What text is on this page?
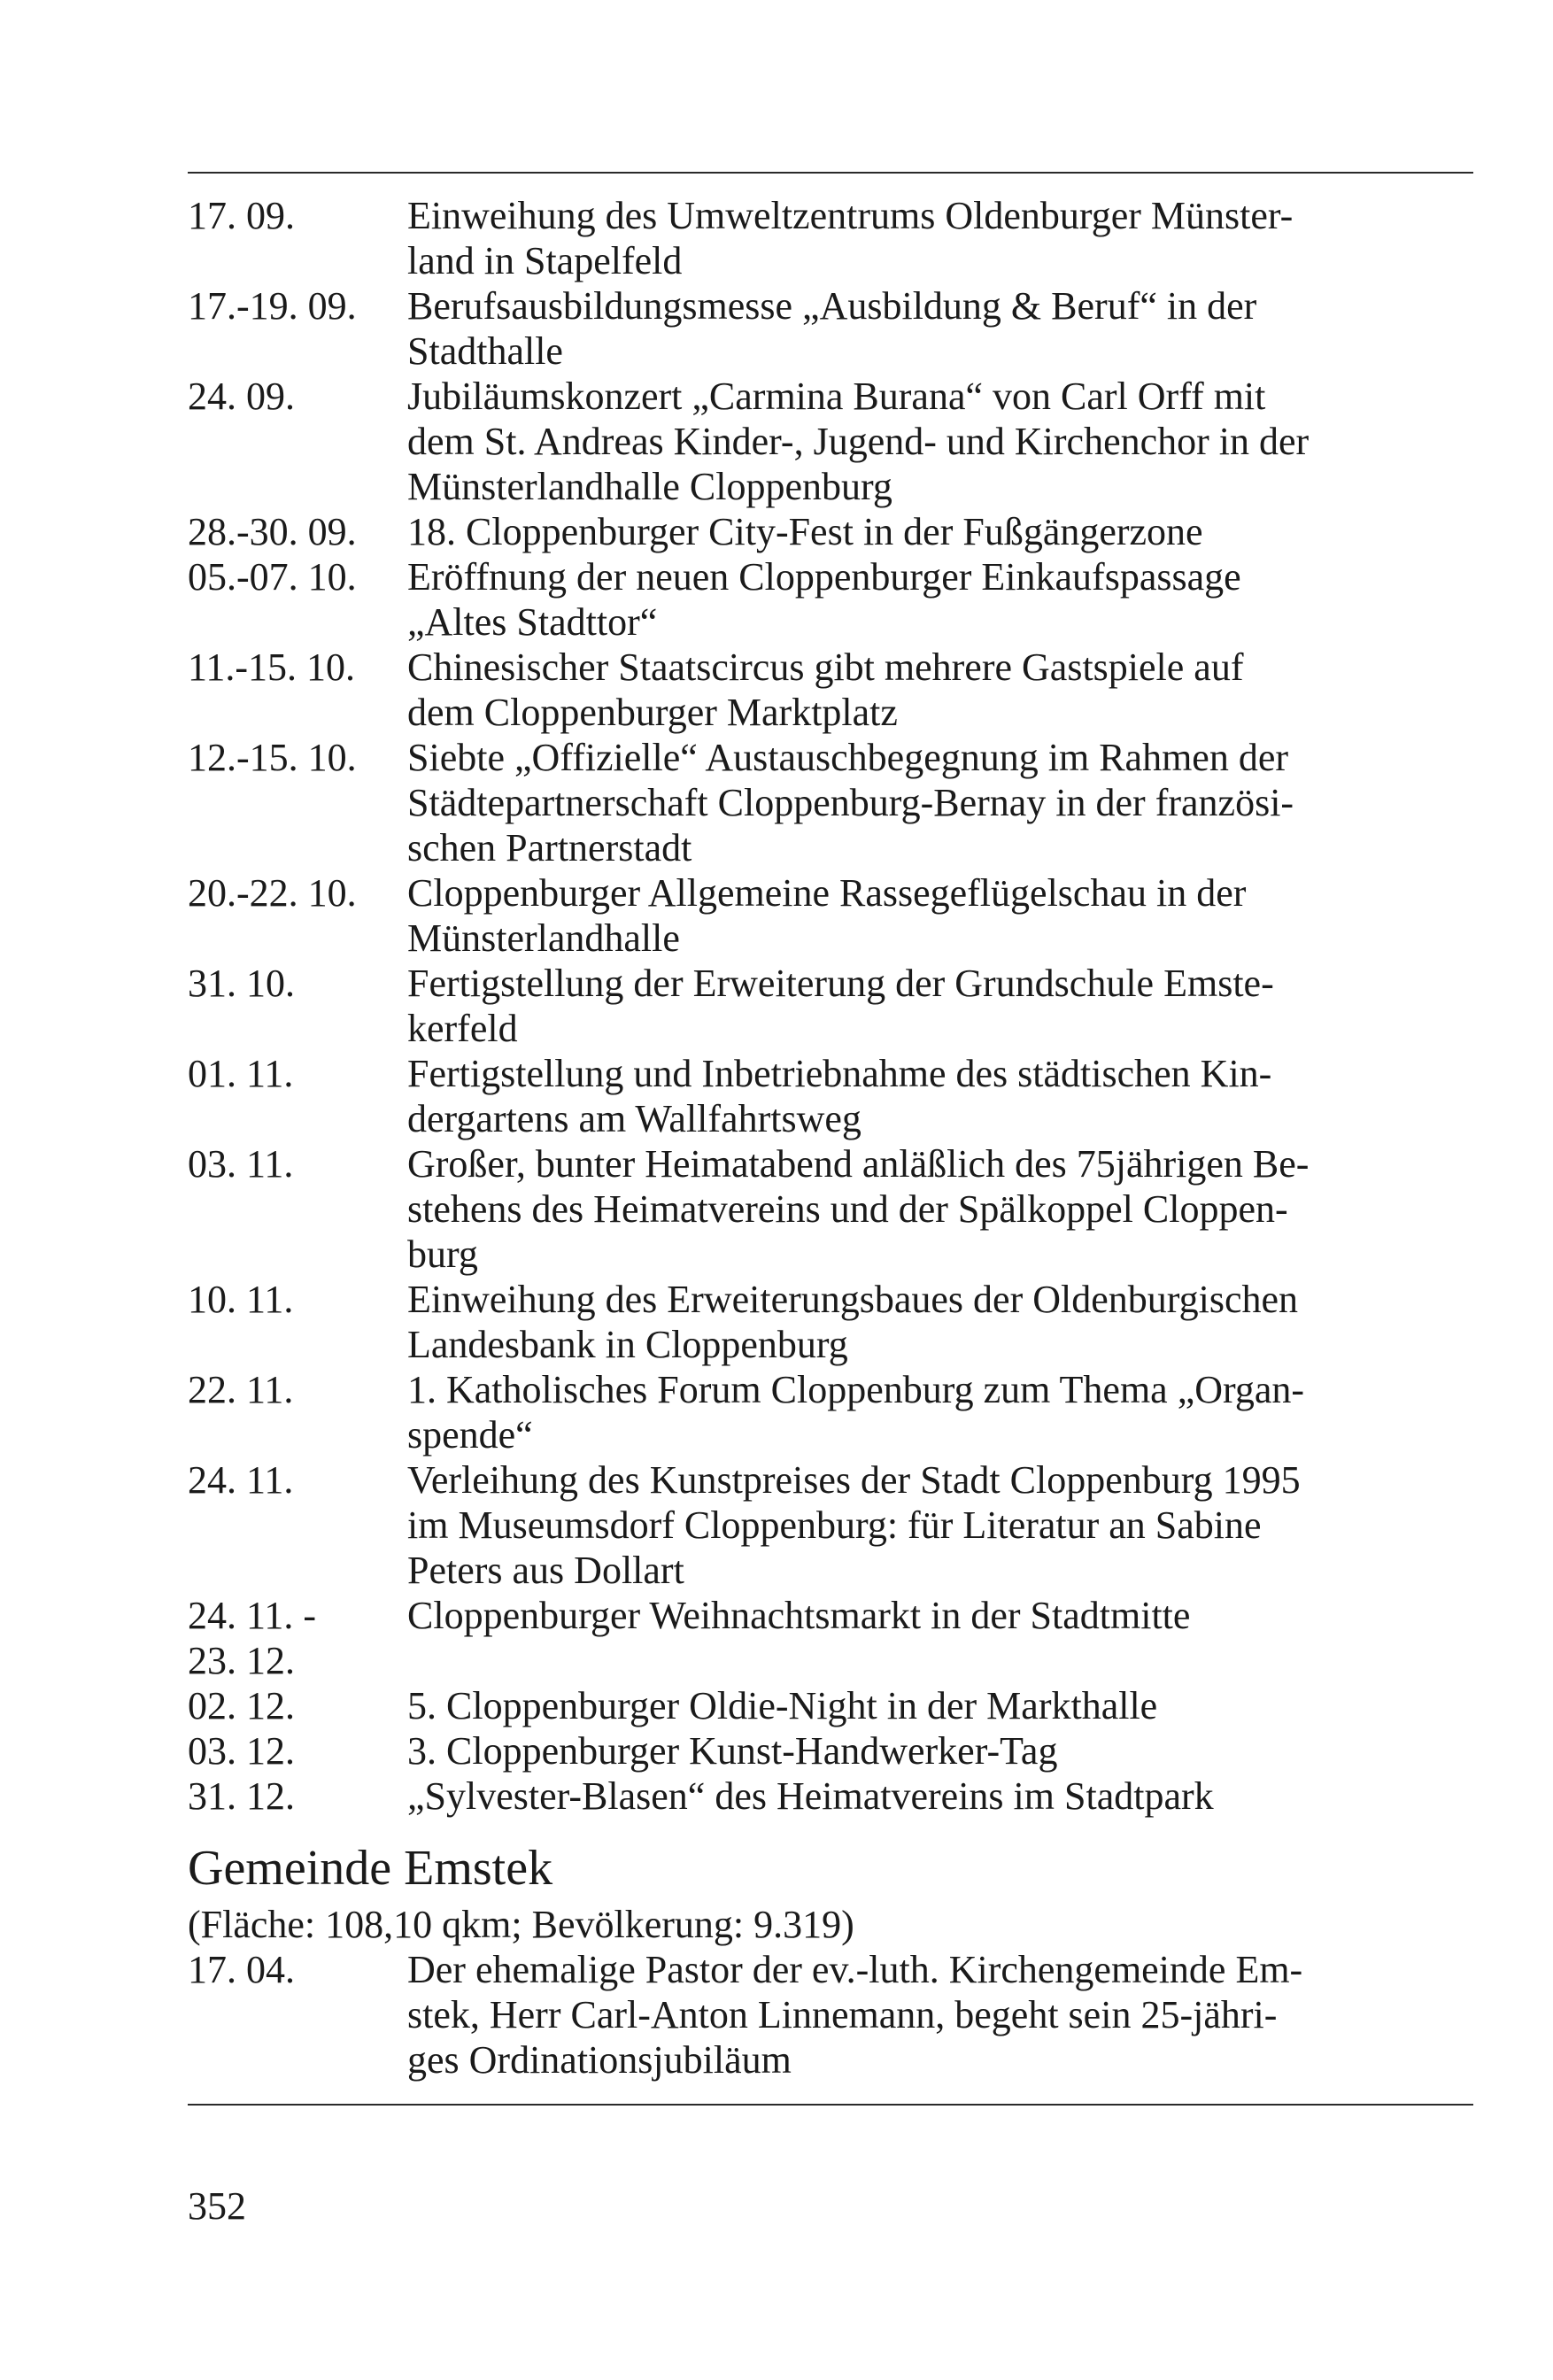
17. 09.	Einweihung des Umweltzentrums Oldenburger Münster-
land in Stapelfeld
17.-19. 09.	Berufsausbildungsmesse „Ausbildung & Beruf“ in der
Stadthalle
24. 09.	Jubiläumskonzert „Carmina Burana“ von Carl Orff mit
dem St. Andreas Kinder-, Jugend- und Kirchenchor in der
Münsterlandhalle Cloppenburg
28.-30. 09.	18. Cloppenburger City-Fest in der Fußgängerzone
05.-07. 10.	Eröffnung der neuen Cloppenburger Einkaufspassage
„Altes Stadttor“
11.-15. 10.	Chinesischer Staatscircus gibt mehrere Gastspiele auf
dem Cloppenburger Marktplatz
12.-15. 10.	Siebte „Offizielle“ Austauschbegegnung im Rahmen der
Städtepartnerschaft Cloppenburg-Bernay in der französi-
schen Partnerstadt
20.-22. 10.	Cloppenburger Allgemeine Rassegeflügelschau in der
Münsterlandhalle
31. 10.	Fertigstellung der Erweiterung der Grundschule Emste-
kerfeld
01. 11.	Fertigstellung und Inbetriebnahme des städtischen Kin-
dergartens am Wallfahrtsweg
03. 11.	Großer, bunter Heimatabend anläßlich des 75jährigen Be-
stehens des Heimatvereins und der Spälkoppel Cloppen-
burg
10. 11.	Einweihung des Erweiterungsbaues der Oldenburgischen
Landesbank in Cloppenburg
22. 11.	1. Katholisches Forum Cloppenburg zum Thema „Organ-
spende“
24. 11.	Verleihung des Kunstpreises der Stadt Cloppenburg 1995
im Museumsdorf Cloppenburg: für Literatur an Sabine
Peters aus Dollart
24. 11. -	Cloppenburger Weihnachtsmarkt in der Stadtmitte
23. 12.

02. 12.	5. Cloppenburger Oldie-Night in der Markthalle
03. 12.	3. Cloppenburger Kunst-Handwerker-Tag
31. 12.	„Sylvester-Blasen“ des Heimatvereins im Stadtpark
Gemeinde Emstek
(Fläche: 108,10 qkm; Bevölkerung: 9.319)
17. 04.	Der ehemalige Pastor der ev.-luth. Kirchengemeinde Em-
stek, Herr Carl-Anton Linnemann, begeht sein 25-jähri-
ges Ordinationsjubiläum
352
